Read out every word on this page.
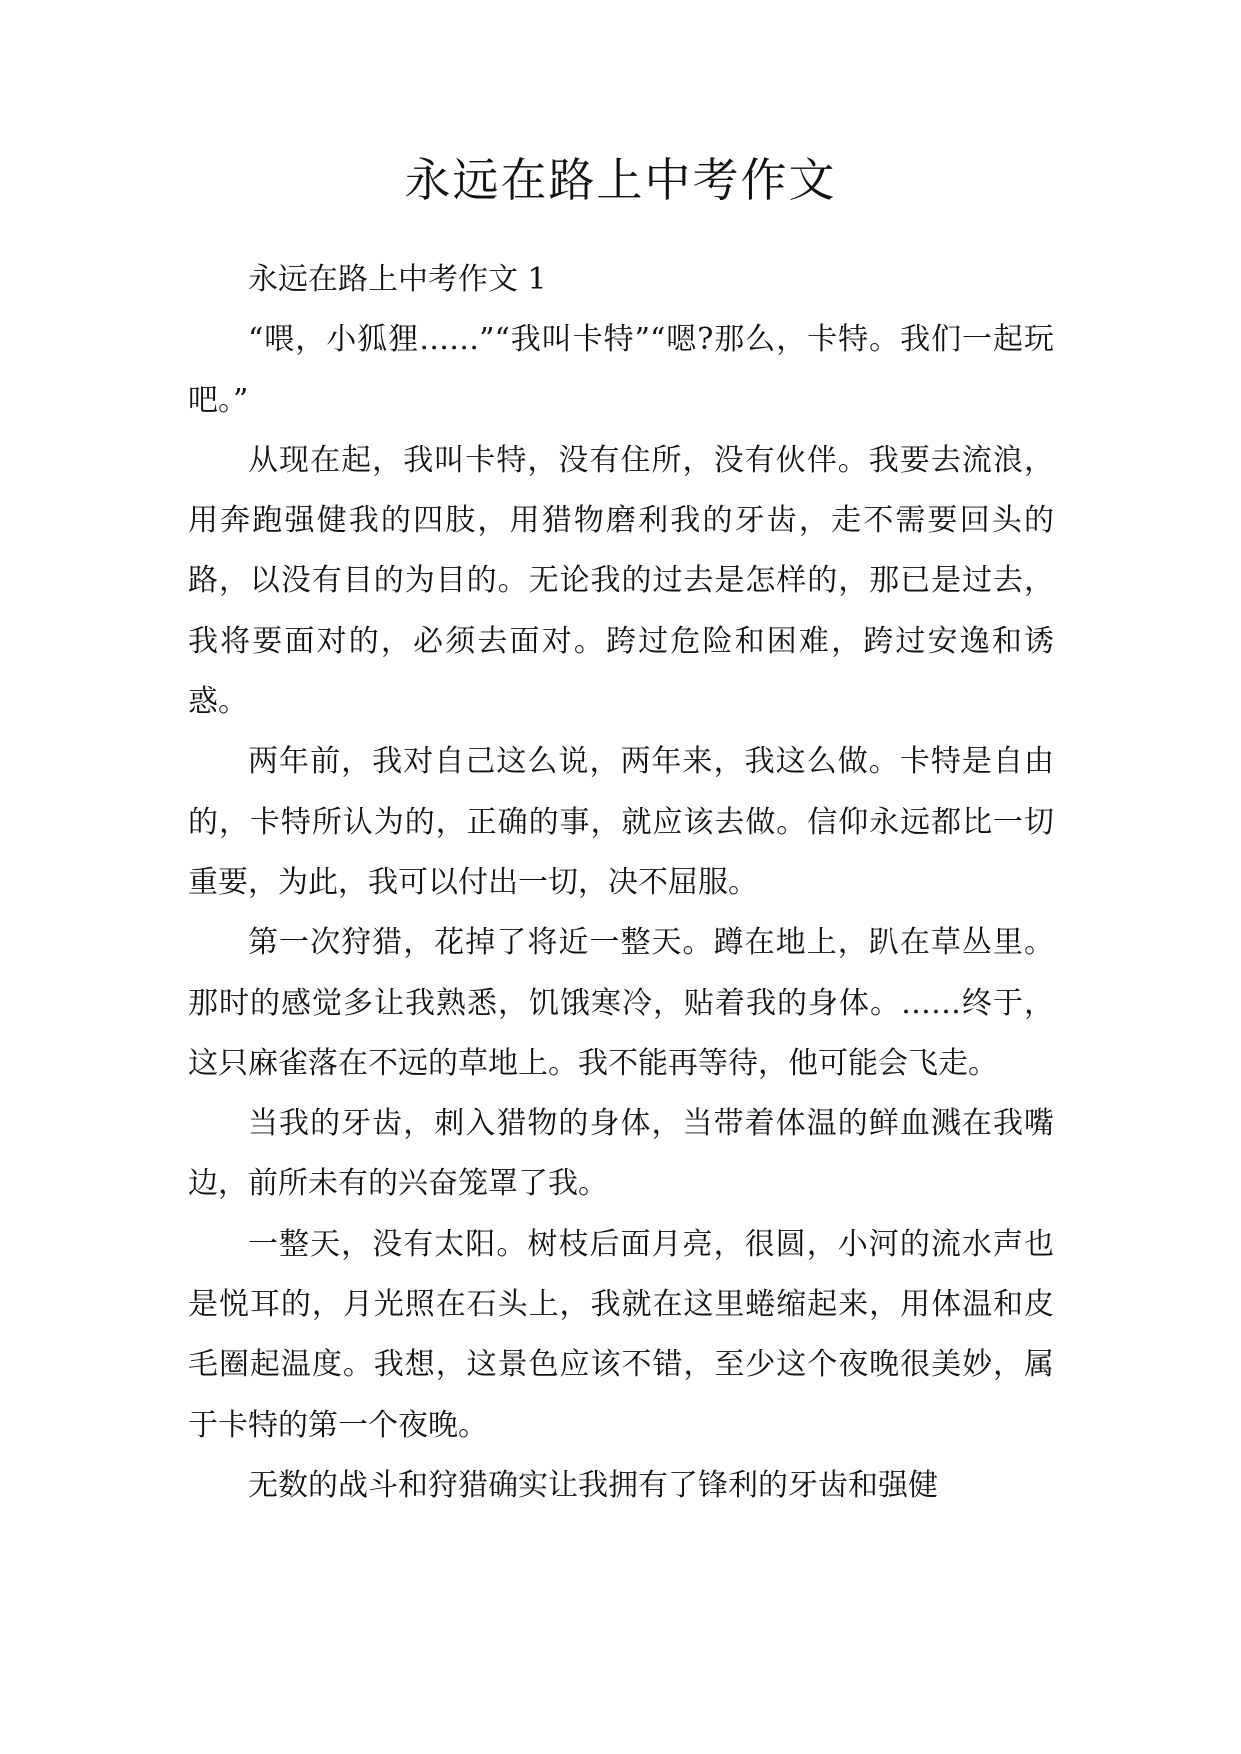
永远在路上中考作文

永远在路上中考作文 1

“喂，小狐狸……”“我叫卡特”“嗯?那么，卡特。我们一起玩吧。”

从现在起，我叫卡特，没有住所，没有伙伴。我要去流浪，用奔跑强健我的四肢，用猎物磨利我的牙齿，走不需要回头的路，以没有目的为目的。无论我的过去是怎样的，那已是过去，我将要面对的，必须去面对。跨过危险和困难，跨过安逸和诱惑。

两年前，我对自己这么说，两年来，我这么做。卡特是自由的，卡特所认为的，正确的事，就应该去做。信仰永远都比一切重要，为此，我可以付出一切，决不屈服。

第一次狩猎，花掉了将近一整天。蹲在地上，趴在草丛里。那时的感觉多让我熟悉，饥饿寒冷，贴着我的身体。……终于，这只麻雀落在不远的草地上。我不能再等待，他可能会飞走。

当我的牙齿，刺入猎物的身体，当带着体温的鲜血溅在我嘴边，前所未有的兴奋笼罩了我。

一整天，没有太阳。树枝后面月亮，很圆，小河的流水声也是悦耳的，月光照在石头上，我就在这里蜷缩起来，用体温和皮毛圈起温度。我想，这景色应该不错，至少这个夜晚很美妙，属于卡特的第一个夜晚。

无数的战斗和狩猎确实让我拥有了锋利的牙齿和强健
